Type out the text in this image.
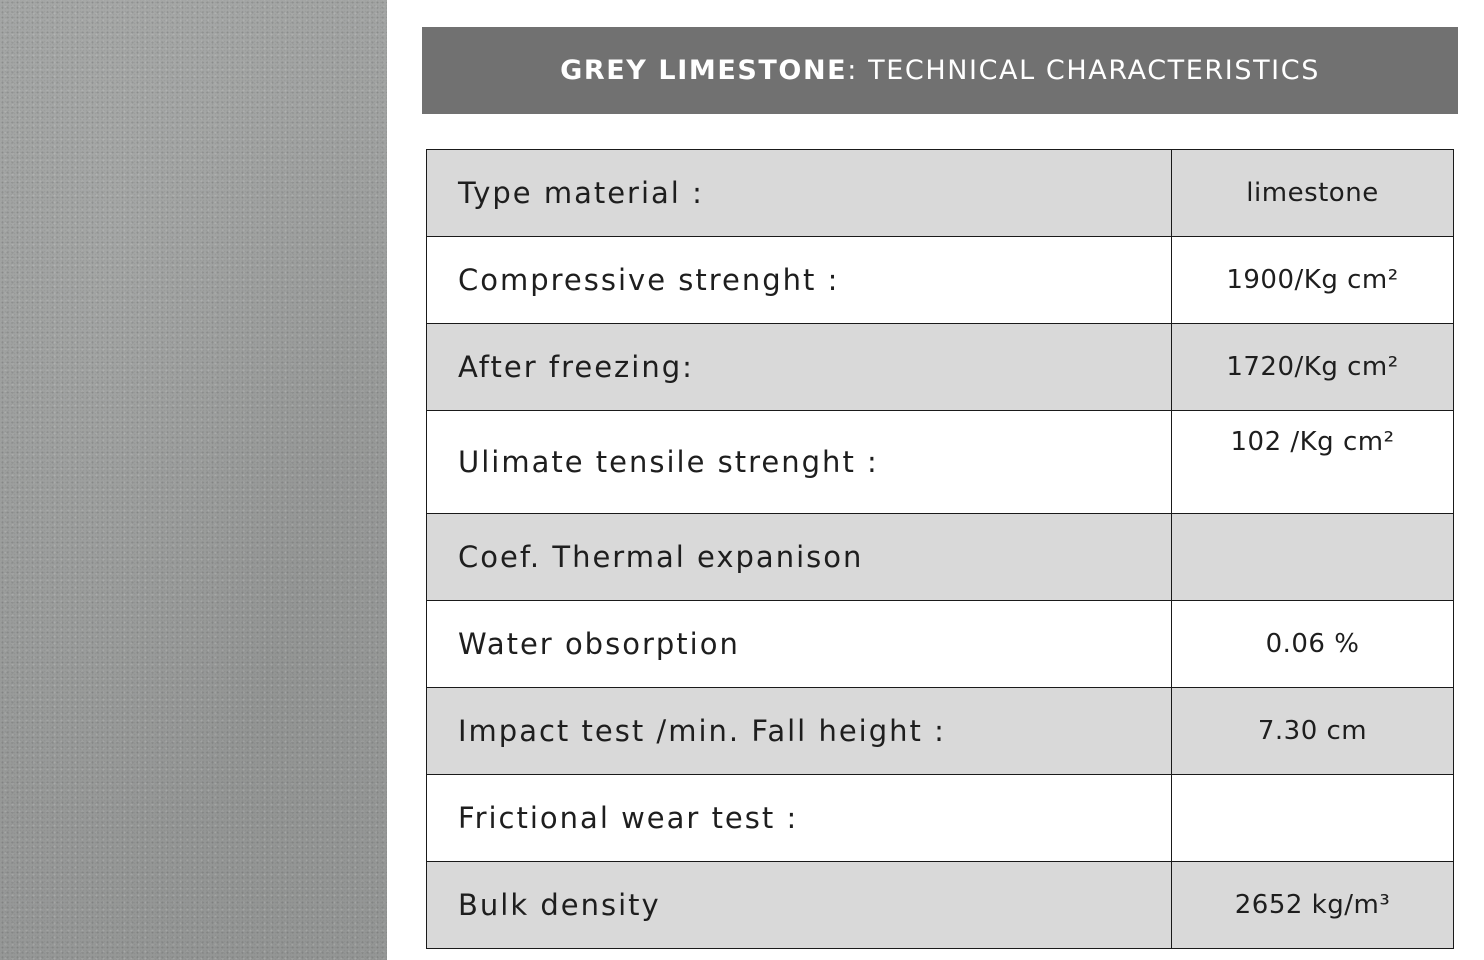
GREY LIMESTONE : TECHNICAL CHARACTERISTICS
Type material :	limestone
Compressive strenght :	1900/Kg cm²
After freezing:	1720/Kg cm²
Ulimate tensile strenght :	102 /Kg cm²
Coef. Thermal expanison	
Water obsorption	0.06 %
Impact test /min. Fall height :	7.30 cm
Frictional wear test :	
Bulk density	2652 kg/m³
